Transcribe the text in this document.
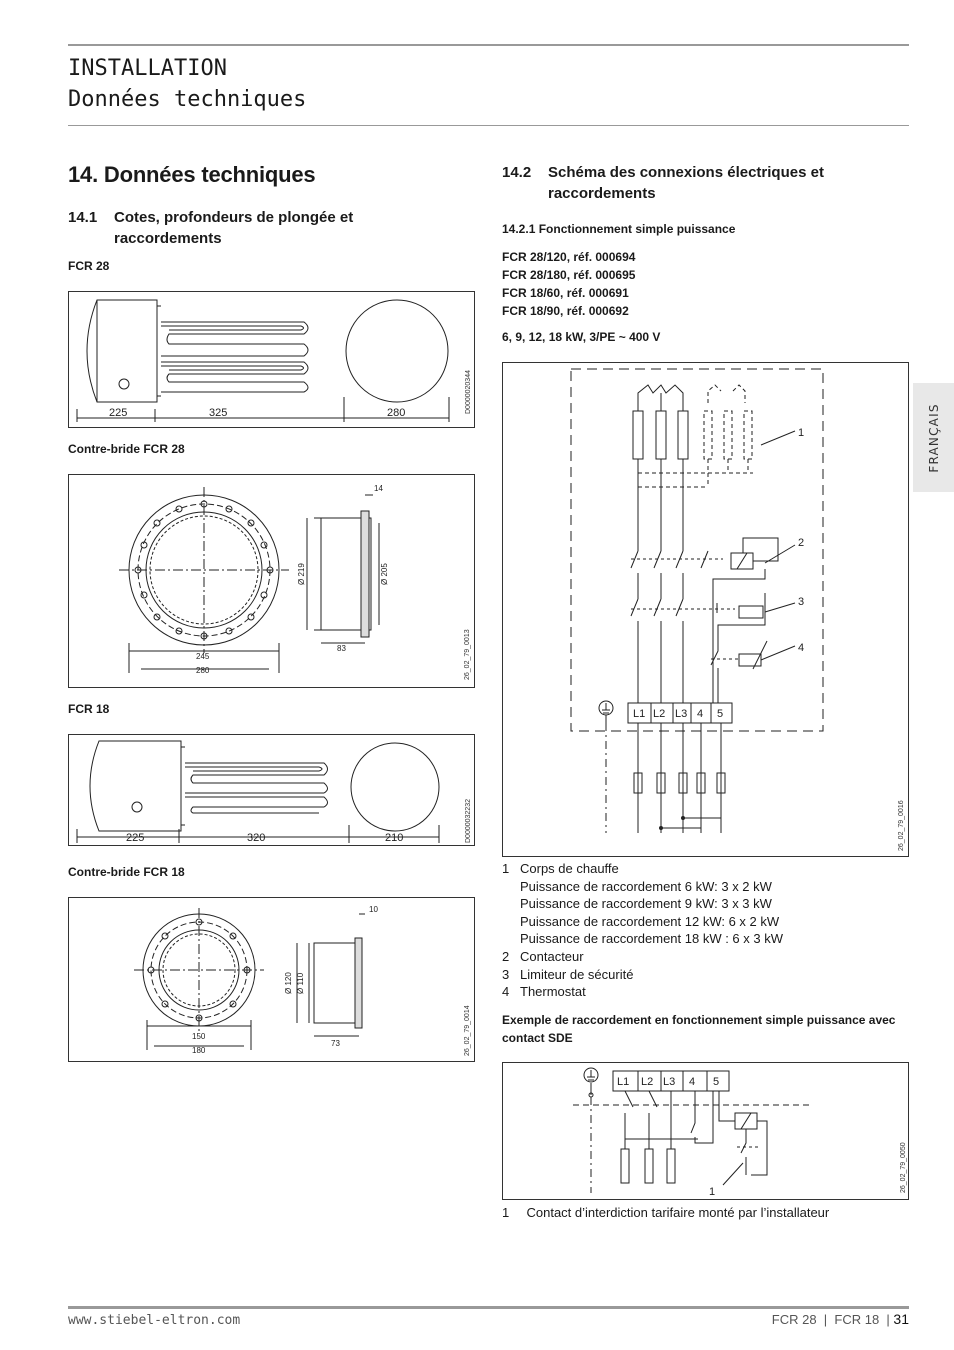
INSTALLATION
Données techniques
FRANÇAIS
14. Données techniques
14.1	Cotes, profondeurs de plongée et raccordements
FCR 28
225	325	280	D0000020344
Contre-bride FCR 28
14
Ø 219	Ø 205
83
245
280	26_02_79_0013
FCR 18
225	320	210	D0000032232
Contre-bride FCR 18
10
Ø 120 Ø 110
73
150
180	26_02_79_0014
14.2	Schéma des connexions électriques et raccordements
14.2.1 Fonctionnement simple puissance
FCR 28/120, réf. 000694
FCR 28/180, réf. 000695
FCR 18/60, réf. 000691
FCR 18/90, réf. 000692
6, 9, 12, 18 kW, 3/PE ~ 400 V
L1 L2 L3 4 5
1
2
3
4
26_02_79_0016
1 Corps de chauffe
Puissance de raccordement 6 kW: 3 x 2 kW
Puissance de raccordement 9 kW: 3 x 3 kW
Puissance de raccordement 12 kW: 6 x 2 kW
Puissance de raccordement 18 kW : 6 x 3 kW
2 Contacteur
3 Limiteur de sécurité
4 Thermostat
Exemple de raccordement en fonctionnement simple puissance avec contact SDE
L1 L2 L3 4 5
1	26_02_79_0050
1 Contact d’interdiction tarifaire monté par l’installateur
www.stiebel-eltron.com	FCR 28  |  FCR 18  | 31
